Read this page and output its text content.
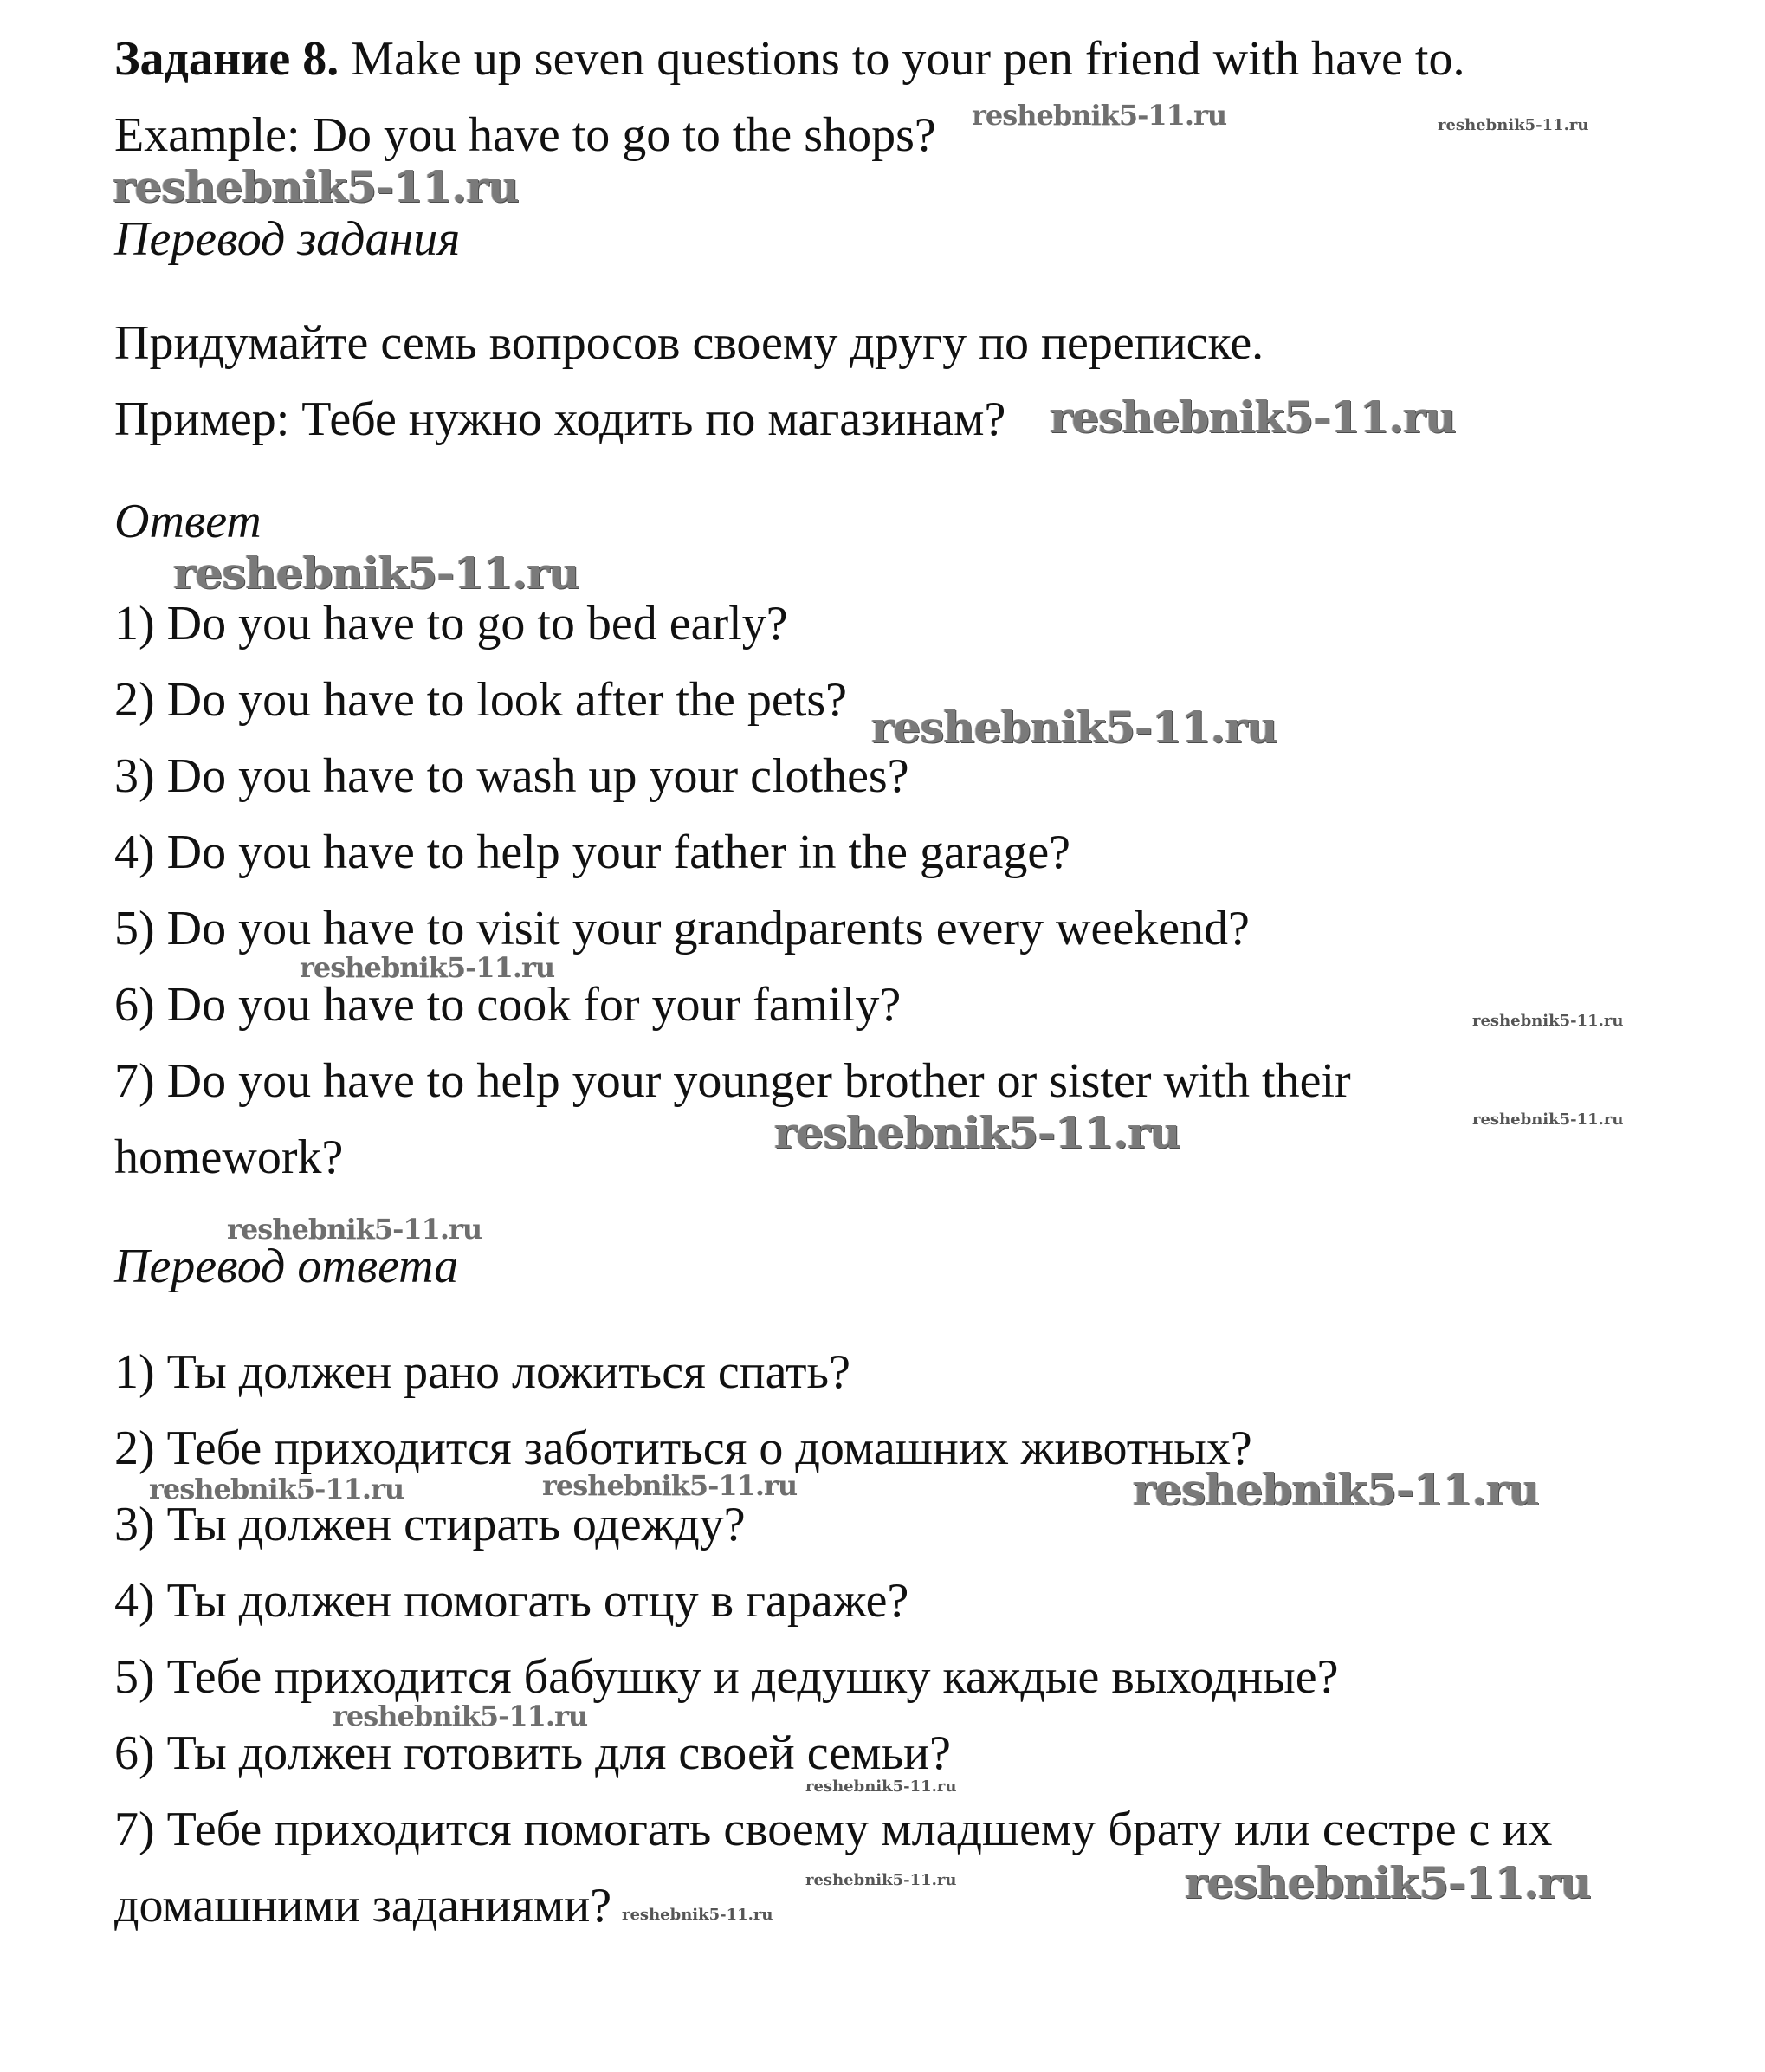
Задание 8. Make up seven questions to your pen friend with have to.
Example: Do you have to go to the shops?
Перевод задания
Придумайте семь вопросов своему другу по переписке.
Пример: Тебе нужно ходить по магазинам?
Ответ
1) Do you have to go to bed early?
2) Do you have to look after the pets?
3) Do you have to wash up your clothes?
4) Do you have to help your father in the garage?
5) Do you have to visit your grandparents every weekend?
6) Do you have to cook for your family?
7) Do you have to help your younger brother or sister with their
homework?
Перевод ответа
1) Ты должен рано ложиться спать?
2) Тебе приходится заботиться о домашних животных?
3) Ты должен стирать одежду?
4) Ты должен помогать отцу в гараже?
5) Тебе приходится бабушку и дедушку каждые выходные?
6) Ты должен готовить для своей семьи?
7) Тебе приходится помогать своему младшему брату или сестре с их
домашними заданиями?
reshebnik5-11.ru	reshebnik5-11.ru
reshebnik5-11.ru
reshebnik5-11.ru
reshebnik5-11.ru
reshebnik5-11.ru
reshebnik5-11.ru
reshebnik5-11.ru
reshebnik5-11.ru	reshebnik5-11.ru
reshebnik5-11.ru
reshebnik5-11.ru	reshebnik5-11.ru	reshebnik5-11.ru
reshebnik5-11.ru
reshebnik5-11.ru
reshebnik5-11.ru	reshebnik5-11.ru
reshebnik5-11.ru
